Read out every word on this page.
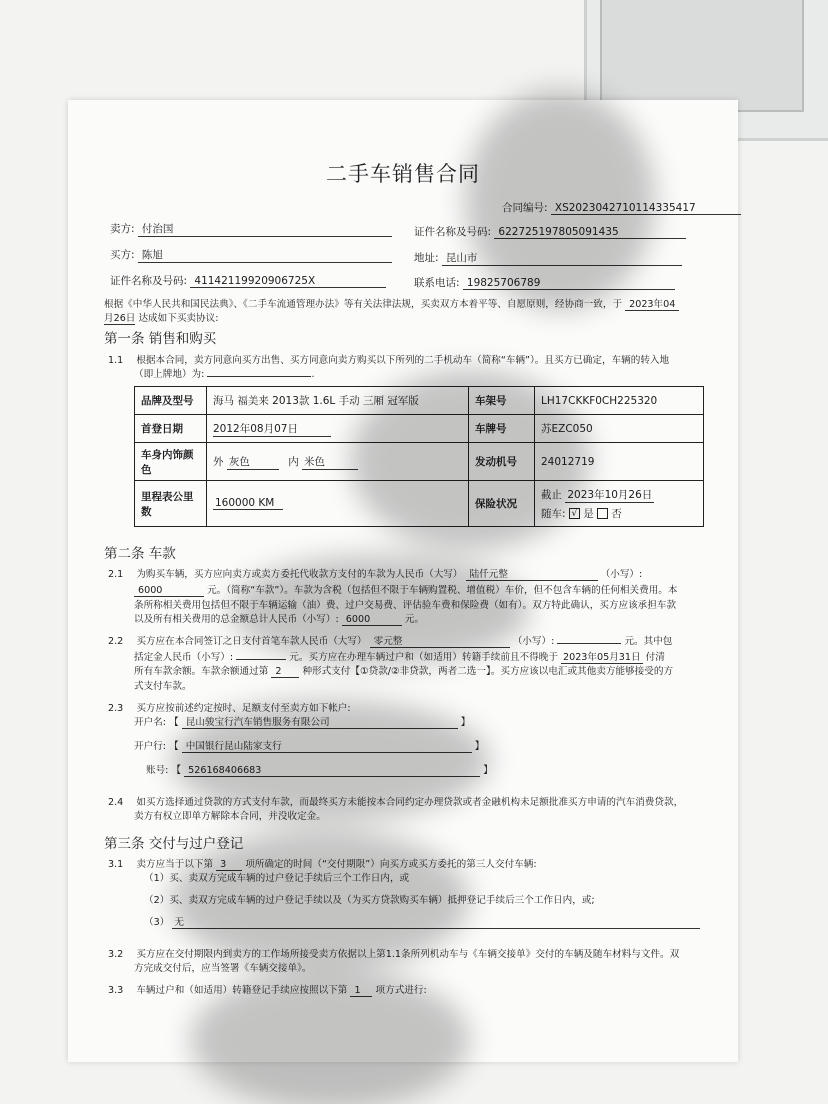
二手车销售合同
合同编号: XS2023042710114335417
卖方: 付治国	证件名称及号码: 622725197805091435
买方: 陈旭	地址: 昆山市
证件名称及号码: 41142119920906725X	联系电话: 19825706789
根据《中华人民共和国民法典》、《二手车流通管理办法》等有关法律法规，买卖双方本着平等、自愿原则，经协商一致，于 2023年04
月26日 达成如下买卖协议:
第一条 销售和购买
1.1 根据本合同，卖方同意向买方出售、买方同意向卖方购买以下所列的二手机动车（简称“车辆”）。且买方已确定，车辆的转入地
（即上牌地）为:	.
品牌及型号	海马 福美来 2013款 1.6L 手动 三厢 冠军版	车架号	LH17CKKF0CH225320
首登日期	2012年08月07日	车牌号	苏EZC050
车身内饰颜色	外 灰色 内 米色	发动机号	24012719
里程表公里数	160000 KM	保险状况	截止 2023年10月26日
随车: √ 是 否
第二条 车款
2.1 为购买车辆，买方应向卖方或卖方委托代收款方支付的车款为人民币（大写） 陆仟元整	（小写）:
6000	元。（简称“车款”）。车款为含税（包括但不限于车辆购置税、增值税）车价，但不包含车辆的任何相关费用。本
条所称相关费用包括但不限于车辆运输（油）费、过户交易费、评估验车费和保险费（如有）。双方特此确认，买方应该承担车款
以及所有相关费用的总金额总计人民币（小写）: 6000	元。
2.2 买方应在本合同签订之日支付首笔车款人民币（大写） 零元整	（小写）:	元。其中包
括定金人民币（小写）:	元。买方应在办理车辆过户和（如适用）转籍手续前且不得晚于 2023年05月31日 付清
所有车款余额。车款余额通过第 2 种形式支付【①贷款/②非贷款，两者二选一】。买方应该以电汇或其他卖方能够接受的方
式支付车款。
2.3 买方应按前述约定按时、足额支付至卖方如下帐户:
开户名: 【 昆山骏宝行汽车销售服务有限公司	】
开户行: 【 中国银行昆山陆家支行	】
账号: 【 526168406683	】
2.4 如买方选择通过贷款的方式支付车款，而最终买方未能按本合同约定办理贷款或者金融机构未足额批准买方申请的汽车消费贷款，
卖方有权立即单方解除本合同，并没收定金。
第三条 交付与过户登记
3.1 卖方应当于以下第 3 项所确定的时间（“交付期限”）向买方或买方委托的第三人交付车辆:
（1）买、卖双方完成车辆的过户登记手续后三个工作日内，或
（2）买、卖双方完成车辆的过户登记手续以及（为买方贷款购买车辆）抵押登记手续后三个工作日内，或;
（3） 无
3.2 买方应在交付期限内到卖方的工作场所接受卖方依据以上第1.1条所列机动车与《车辆交接单》交付的车辆及随车材料与文件。双
方完成交付后，应当签署《车辆交接单》。
3.3 车辆过户和（如适用）转籍登记手续应按照以下第 1 项方式进行:
